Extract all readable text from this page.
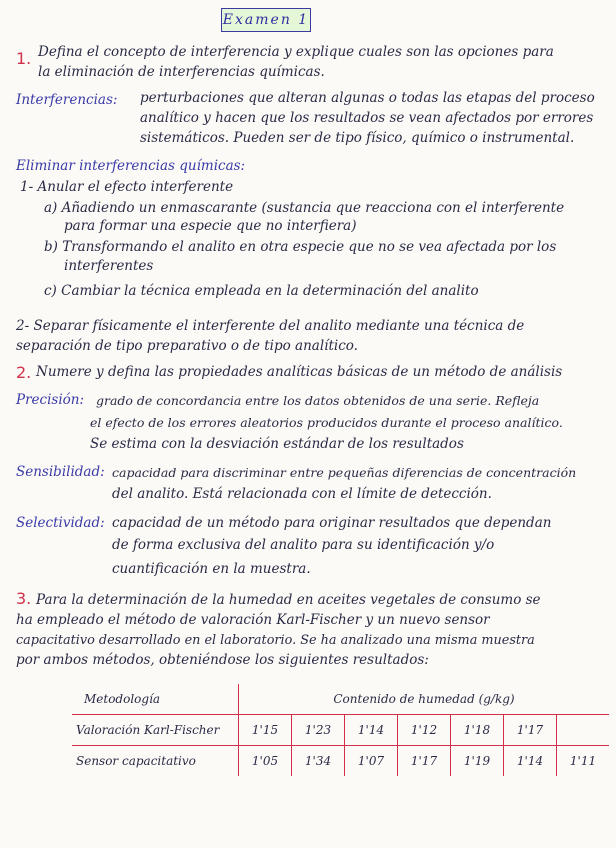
Examen 1
1. Defina el concepto de interferencia y explique cuales son las opciones para
la eliminación de interferencias químicas.
Interferencias: perturbaciones que alteran algunas o todas las etapas del proceso
analítico y hacen que los resultados se vean afectados por errores
sistemáticos. Pueden ser de tipo físico, químico o instrumental.
Eliminar interferencias químicas:
1- Anular el efecto interferente
a) Añadiendo un enmascarante (sustancia que reacciona con el interferente
para formar una especie que no interfiera)
b) Transformando el analito en otra especie que no se vea afectada por los
interferentes
c) Cambiar la técnica empleada en la determinación del analito
2- Separar físicamente el interferente del analito mediante una técnica de
separación de tipo preparativo o de tipo analítico.
2. Numere y defina las propiedades analíticas básicas de un método de análisis
Precisión: grado de concordancia entre los datos obtenidos de una serie. Refleja
el efecto de los errores aleatorios producidos durante el proceso analítico.
Se estima con la desviación estándar de los resultados
Sensibilidad: capacidad para discriminar entre pequeñas diferencias de concentración
del analito. Está relacionada con el límite de detección.
Selectividad: capacidad de un método para originar resultados que dependan
de forma exclusiva del analito para su identificación y/o
cuantificación en la muestra.
3. Para la determinación de la humedad en aceites vegetales de consumo se
ha empleado el método de valoración Karl-Fischer y un nuevo sensor
capacitativo desarrollado en el laboratorio. Se ha analizado una misma muestra
por ambos métodos, obteniéndose los siguientes resultados:
Metodología	Contenido de humedad (g/kg)						
Valoración Karl-Fischer	1'15	1'23	1'14	1'12	1'18	1'17	
Sensor capacitativo	1'05	1'34	1'07	1'17	1'19	1'14	1'11
